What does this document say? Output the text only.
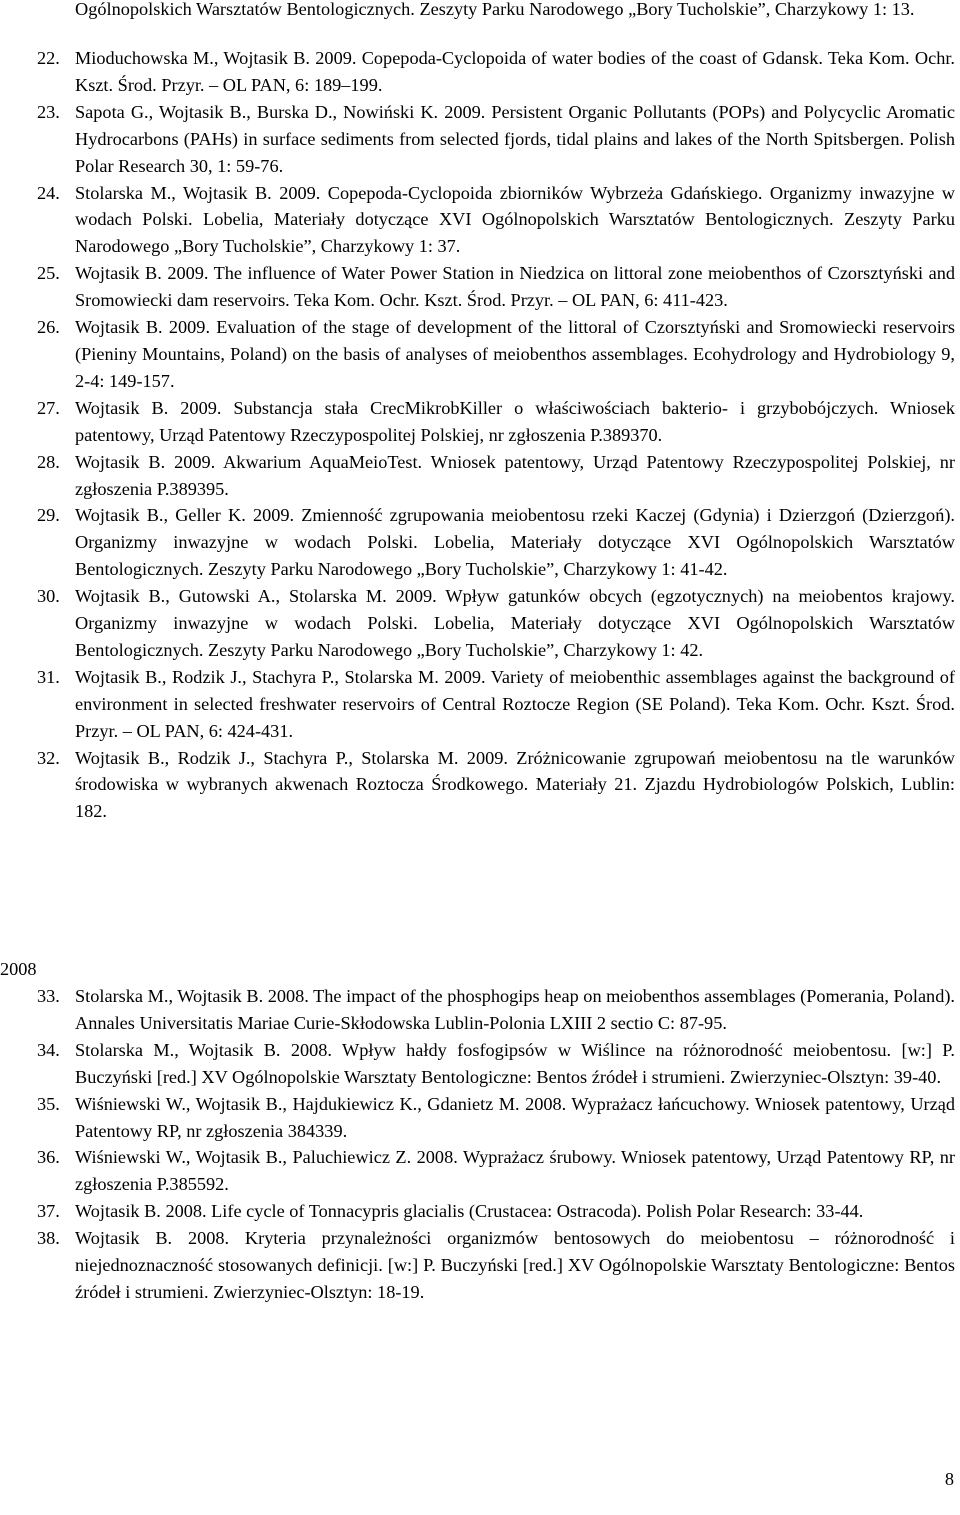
Ogólnopolskich Warsztatów Bentologicznych. Zeszyty Parku Narodowego „Bory Tucholskie”, Charzykowy 1: 13.
22. Mioduchowska M., Wojtasik B. 2009. Copepoda-Cyclopoida of water bodies of the coast of Gdansk. Teka Kom. Ochr. Kszt. Środ. Przyr. – OL PAN, 6: 189–199.
23. Sapota G., Wojtasik B., Burska D., Nowiński K. 2009. Persistent Organic Pollutants (POPs) and Polycyclic Aromatic Hydrocarbons (PAHs) in surface sediments from selected fjords, tidal plains and lakes of the North Spitsbergen. Polish Polar Research 30, 1: 59-76.
24. Stolarska M., Wojtasik B. 2009. Copepoda-Cyclopoida zbiorników Wybrzeża Gdańskiego. Organizmy inwazyjne w wodach Polski. Lobelia, Materiały dotyczące XVI Ogólnopolskich Warsztatów Bentologicznych. Zeszyty Parku Narodowego „Bory Tucholskie”, Charzykowy 1: 37.
25. Wojtasik B. 2009. The influence of Water Power Station in Niedzica on littoral zone meiobenthos of Czorsztyński and Sromowiecki dam reservoirs. Teka Kom. Ochr. Kszt. Środ. Przyr. – OL PAN, 6: 411-423.
26. Wojtasik B. 2009. Evaluation of the stage of development of the littoral of Czorsztyński and Sromowiecki reservoirs (Pieniny Mountains, Poland) on the basis of analyses of meiobenthos assemblages. Ecohydrology and Hydrobiology 9, 2-4: 149-157.
27. Wojtasik B. 2009. Substancja stała CrecMikrobKiller o właściwościach bakterio- i grzybobójczych. Wniosek patentowy, Urząd Patentowy Rzeczypospolitej Polskiej, nr zgłoszenia P.389370.
28. Wojtasik B. 2009. Akwarium AquaMeioTest. Wniosek patentowy, Urząd Patentowy Rzeczypospolitej Polskiej, nr zgłoszenia P.389395.
29. Wojtasik B., Geller K. 2009. Zmienność zgrupowania meiobentosu rzeki Kaczej (Gdynia) i Dzierzgoń (Dzierzgoń). Organizmy inwazyjne w wodach Polski. Lobelia, Materiały dotyczące XVI Ogólnopolskich Warsztatów Bentologicznych. Zeszyty Parku Narodowego „Bory Tucholskie”, Charzykowy 1: 41-42.
30. Wojtasik B., Gutowski A., Stolarska M. 2009. Wpływ gatunków obcych (egzotycznych) na meiobentos krajowy. Organizmy inwazyjne w wodach Polski. Lobelia, Materiały dotyczące XVI Ogólnopolskich Warsztatów Bentologicznych. Zeszyty Parku Narodowego „Bory Tucholskie”, Charzykowy 1: 42.
31. Wojtasik B., Rodzik J., Stachyra P., Stolarska M. 2009. Variety of meiobenthic assemblages against the background of environment in selected freshwater reservoirs of Central Roztocze Region (SE Poland). Teka Kom. Ochr. Kszt. Środ. Przyr. – OL PAN, 6: 424-431.
32. Wojtasik B., Rodzik J., Stachyra P., Stolarska M. 2009. Zróżnicowanie zgrupowań meiobentosu na tle warunków środowiska w wybranych akwenach Roztocza Środkowego. Materiały 21. Zjazdu Hydrobiologów Polskich, Lublin: 182.
2008
33. Stolarska M., Wojtasik B. 2008. The impact of the phosphogips heap on meiobenthos assemblages (Pomerania, Poland). Annales Universitatis Mariae Curie-Skłodowska Lublin-Polonia LXIII 2 sectio C: 87-95.
34. Stolarska M., Wojtasik B. 2008. Wpływ hałdy fosfogipsów w Wiślince na różnorodność meiobentosu. [w:] P. Buczyński [red.] XV Ogólnopolskie Warsztaty Bentologiczne: Bentos źródeł i strumieni. Zwierzyniec-Olsztyn: 39-40.
35. Wiśniewski W., Wojtasik B., Hajdukiewicz K., Gdanietz M. 2008. Wyprażacz łańcuchowy. Wniosek patentowy, Urząd Patentowy RP, nr zgłoszenia 384339.
36. Wiśniewski W., Wojtasik B., Paluchiewicz Z. 2008. Wyprażacz śrubowy. Wniosek patentowy, Urząd Patentowy RP, nr zgłoszenia P.385592.
37. Wojtasik B. 2008. Life cycle of Tonnacypris glacialis (Crustacea: Ostracoda). Polish Polar Research: 33-44.
38. Wojtasik B. 2008. Kryteria przynależności organizmów bentosowych do meiobentosu – różnorodność i niejednoznaczność stosowanych definicji. [w:] P. Buczyński [red.] XV Ogólnopolskie Warsztaty Bentologiczne: Bentos źródeł i strumieni. Zwierzyniec-Olsztyn: 18-19.
8
